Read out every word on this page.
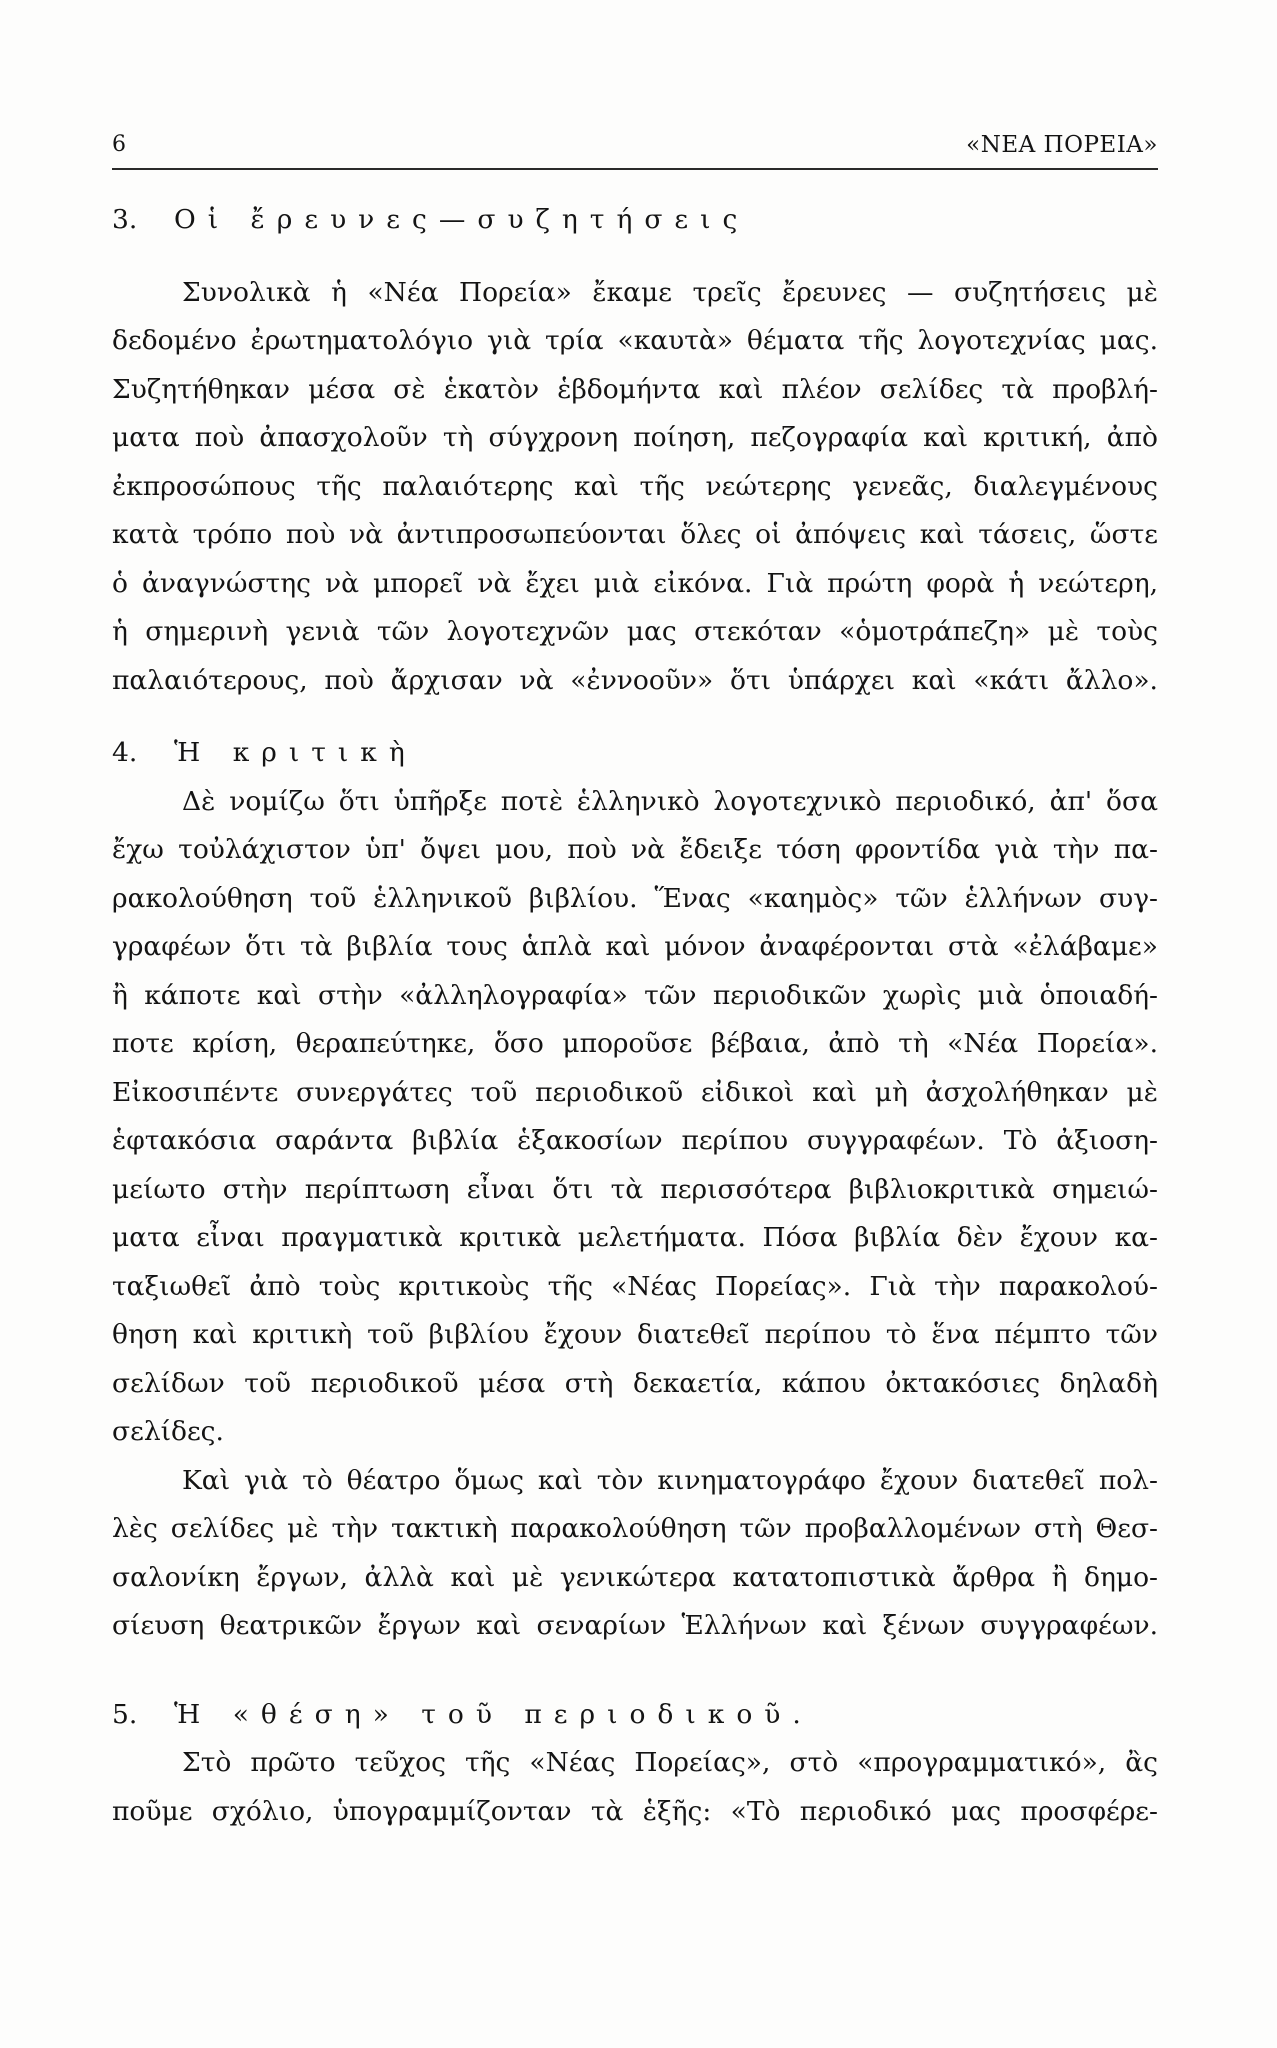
6	«ΝΕΑ ΠΟΡΕΙΑ»
3. Οἱ ἔρευνες—συζητήσεις
Συνολικὰ ἡ «Νέα Πορεία» ἔκαμε τρεῖς ἔρευνες — συζητήσεις μὲ
δεδομένο ἐρωτηματολόγιο γιὰ τρία «καυτὰ» θέματα τῆς λογοτεχνίας μας.
Συζητήθηκαν μέσα σὲ ἑκατὸν ἑβδομήντα καὶ πλέον σελίδες τὰ προβλή-
ματα ποὺ ἀπασχολοῦν τὴ σύγχρονη ποίηση, πεζογραφία καὶ κριτική, ἀπὸ
ἐκπροσώπους τῆς παλαιότερης καὶ τῆς νεώτερης γενεᾶς, διαλεγμένους
κατὰ τρόπο ποὺ νὰ ἀντιπροσωπεύονται ὅλες οἱ ἀπόψεις καὶ τάσεις, ὥστε
ὁ ἀναγνώστης νὰ μπορεῖ νὰ ἔχει μιὰ εἰκόνα. Γιὰ πρώτη φορὰ ἡ νεώτερη,
ἡ σημερινὴ γενιὰ τῶν λογοτεχνῶν μας στεκόταν «ὁμοτράπεζη» μὲ τοὺς
παλαιότερους, ποὺ ἄρχισαν νὰ «ἐννοοῦν» ὅτι ὑπάρχει καὶ «κάτι ἄλλο».
4. Ἡ κριτικὴ
Δὲ νομίζω ὅτι ὑπῆρξε ποτὲ ἑλληνικὸ λογοτεχνικὸ περιοδικό, ἀπ' ὅσα
ἔχω τοὐλάχιστον ὑπ' ὄψει μου, ποὺ νὰ ἔδειξε τόση φροντίδα γιὰ τὴν πα-
ρακολούθηση τοῦ ἑλληνικοῦ βιβλίου. Ἕνας «καημὸς» τῶν ἑλλήνων συγ-
γραφέων ὅτι τὰ βιβλία τους ἁπλὰ καὶ μόνον ἀναφέρονται στὰ «ἐλάβαμε»
ἢ κάποτε καὶ στὴν «ἀλληλογραφία» τῶν περιοδικῶν χωρὶς μιὰ ὁποιαδή-
ποτε κρίση, θεραπεύτηκε, ὅσο μποροῦσε βέβαια, ἀπὸ τὴ «Νέα Πορεία».
Εἰκοσιπέντε συνεργάτες τοῦ περιοδικοῦ εἰδικοὶ καὶ μὴ ἀσχολήθηκαν μὲ
ἑφτακόσια σαράντα βιβλία ἑξακοσίων περίπου συγγραφέων. Τὸ ἀξιοση-
μείωτο στὴν περίπτωση εἶναι ὅτι τὰ περισσότερα βιβλιοκριτικὰ σημειώ-
ματα εἶναι πραγματικὰ κριτικὰ μελετήματα. Πόσα βιβλία δὲν ἔχουν κα-
ταξιωθεῖ ἀπὸ τοὺς κριτικοὺς τῆς «Νέας Πορείας». Γιὰ τὴν παρακολού-
θηση καὶ κριτικὴ τοῦ βιβλίου ἔχουν διατεθεῖ περίπου τὸ ἕνα πέμπτο τῶν
σελίδων τοῦ περιοδικοῦ μέσα στὴ δεκαετία, κάπου ὀκτακόσιες δηλαδὴ
σελίδες.
Καὶ γιὰ τὸ θέατρο ὅμως καὶ τὸν κινηματογράφο ἔχουν διατεθεῖ πολ-
λὲς σελίδες μὲ τὴν τακτικὴ παρακολούθηση τῶν προβαλλομένων στὴ Θεσ-
σαλονίκη ἔργων, ἀλλὰ καὶ μὲ γενικώτερα κατατοπιστικὰ ἄρθρα ἢ δημο-
σίευση θεατρικῶν ἔργων καὶ σεναρίων Ἑλλήνων καὶ ξένων συγγραφέων.
5. Ἡ «θέση» τοῦ περιοδικοῦ.
Στὸ πρῶτο τεῦχος τῆς «Νέας Πορείας», στὸ «προγραμματικό», ἂς
ποῦμε σχόλιο, ὑπογραμμίζονταν τὰ ἑξῆς: «Τὸ περιοδικό μας προσφέρε-
